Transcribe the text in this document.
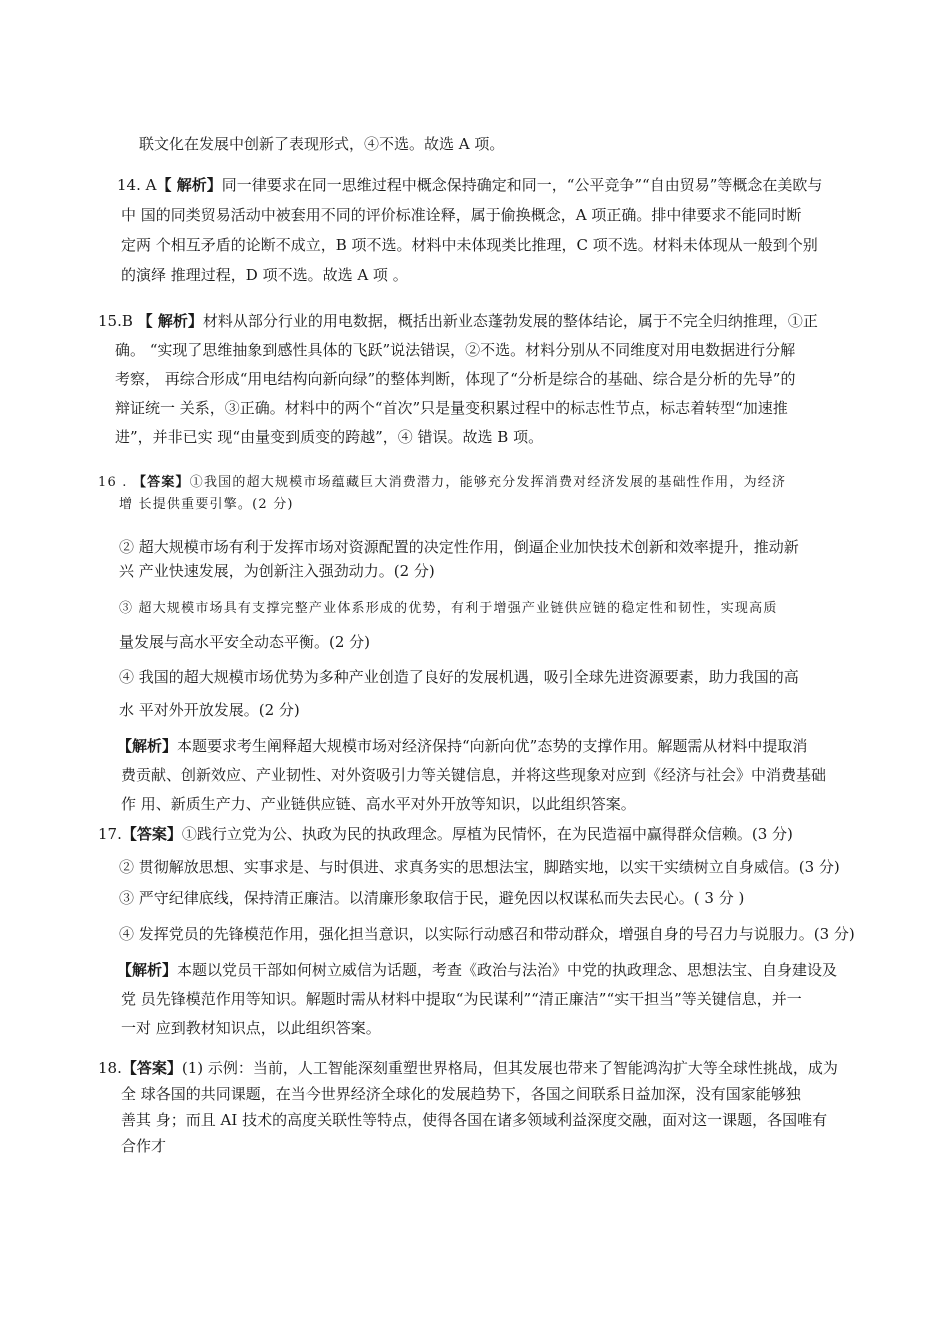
联文化在发展中创新了表现形式，④不选。故选 A 项。
14. A【 解析】同一律要求在同一思维过程中概念保持确定和同一，“公平竞争”“自由贸易”等概念在美欧与
中 国的同类贸易活动中被套用不同的评价标准诠释，属于偷换概念，A 项正确。排中律要求不能同时断
定两 个相互矛盾的论断不成立，B 项不选。材料中未体现类比推理，C 项不选。材料未体现从一般到个别
的演绎 推理过程，D 项不选。故选 A 项 。
15.B 【 解析】材料从部分行业的用电数据，概括出新业态蓬勃发展的整体结论，属于不完全归纳推理，①正
确。 “实现了思维抽象到感性具体的飞跃”说法错误，②不选。材料分别从不同维度对用电数据进行分解
考察， 再综合形成“用电结构向新向绿”的整体判断，体现了“分析是综合的基础、综合是分析的先导”的
辩证统一 关系，③正确。材料中的两个“首次”只是量变积累过程中的标志性节点，标志着转型“加速推
进”，并非已实 现“由量变到质变的跨越”，④ 错误。故选 B 项。
16 . 【答案】①我国的超大规模市场蕴藏巨大消费潜力，能够充分发挥消费对经济发展的基础性作用，为经济
增 长提供重要引擎。(2 分)
② 超大规模市场有利于发挥市场对资源配置的决定性作用，倒逼企业加快技术创新和效率提升，推动新
兴 产业快速发展，为创新注入强劲动力。(2 分)
③ 超大规模市场具有支撑完整产业体系形成的优势，有利于增强产业链供应链的稳定性和韧性，实现高质
量发展与高水平安全动态平衡。(2 分)
④ 我国的超大规模市场优势为多种产业创造了良好的发展机遇，吸引全球先进资源要素，助力我国的高
水 平对外开放发展。(2 分)
【解析】本题要求考生阐释超大规模市场对经济保持“向新向优”态势的支撑作用。解题需从材料中提取消
费贡献、创新效应、产业韧性、对外资吸引力等关键信息，并将这些现象对应到《经济与社会》中消费基础
作 用、新质生产力、产业链供应链、高水平对外开放等知识，以此组织答案。
17.【答案】①践行立党为公、执政为民的执政理念。厚植为民情怀，在为民造福中赢得群众信赖。(3 分)
② 贯彻解放思想、实事求是、与时俱进、求真务实的思想法宝，脚踏实地，以实干实绩树立自身威信。(3 分)
③ 严守纪律底线，保持清正廉洁。以清廉形象取信于民，避免因以权谋私而失去民心。( 3 分 )
④ 发挥党员的先锋模范作用，强化担当意识，以实际行动感召和带动群众，增强自身的号召力与说服力。(3 分)
【解析】本题以党员干部如何树立威信为话题，考查《政治与法治》中党的执政理念、思想法宝、自身建设及
党 员先锋模范作用等知识。解题时需从材料中提取“为民谋利”“清正廉洁”“实干担当”等关键信息，并一
一对 应到教材知识点，以此组织答案。
18.【答案】(1) 示例：当前，人工智能深刻重塑世界格局，但其发展也带来了智能鸿沟扩大等全球性挑战，成为
全 球各国的共同课题，在当今世界经济全球化的发展趋势下，各国之间联系日益加深，没有国家能够独
善其 身；而且 AI 技术的高度关联性等特点，使得各国在诸多领域利益深度交融，面对这一课题，各国唯有
合作才
